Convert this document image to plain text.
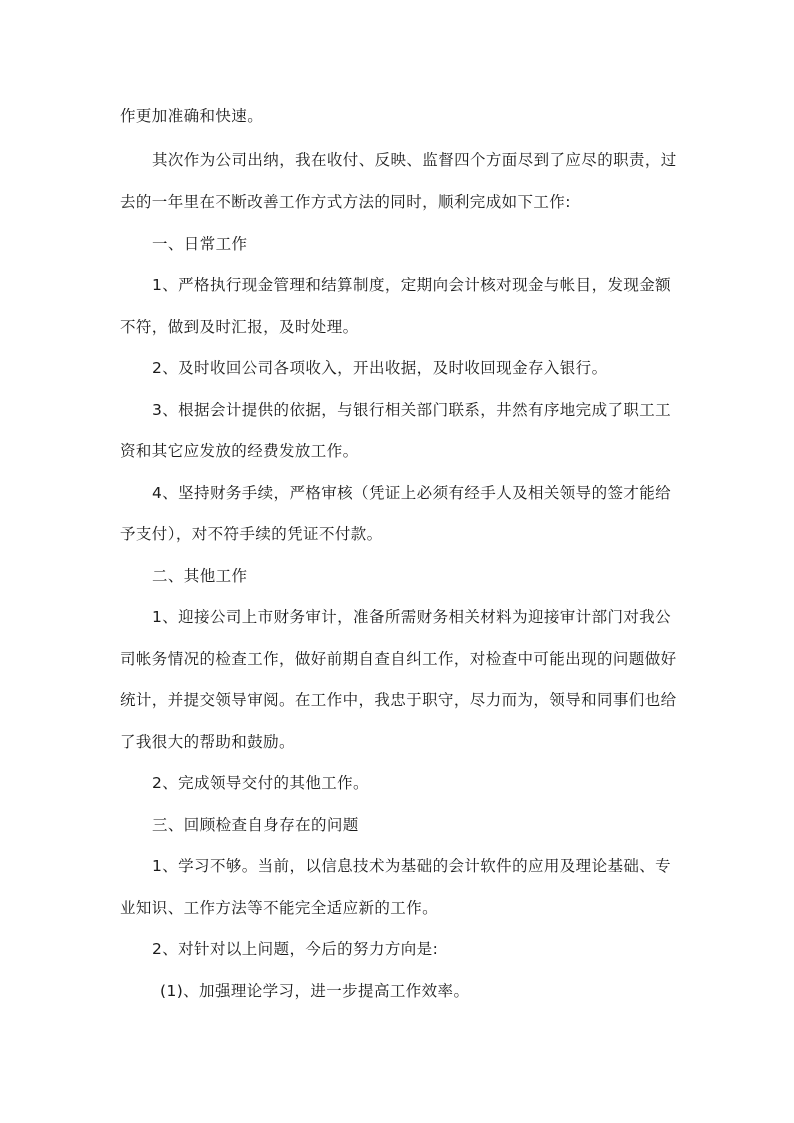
作更加准确和快速。
其次作为公司出纳，我在收付、反映、监督四个方面尽到了应尽的职责，过
去的一年里在不断改善工作方式方法的同时，顺利完成如下工作:
一、日常工作
1、严格执行现金管理和结算制度，定期向会计核对现金与帐目，发现金额
不符，做到及时汇报，及时处理。
2、及时收回公司各项收入，开出收据，及时收回现金存入银行。
3、根据会计提供的依据，与银行相关部门联系，井然有序地完成了职工工
资和其它应发放的经费发放工作。
4、坚持财务手续，严格审核（凭证上必须有经手人及相关领导的签才能给
予支付），对不符手续的凭证不付款。
二、其他工作
1、迎接公司上市财务审计，准备所需财务相关材料为迎接审计部门对我公
司帐务情况的检查工作，做好前期自查自纠工作，对检查中可能出现的问题做好
统计，并提交领导审阅。在工作中，我忠于职守，尽力而为，领导和同事们也给
了我很大的帮助和鼓励。
2、完成领导交付的其他工作。
三、回顾检查自身存在的问题
1、学习不够。当前，以信息技术为基础的会计软件的应用及理论基础、专
业知识、工作方法等不能完全适应新的工作。
2、对针对以上问题，今后的努力方向是:
(1)、加强理论学习，进一步提高工作效率。
